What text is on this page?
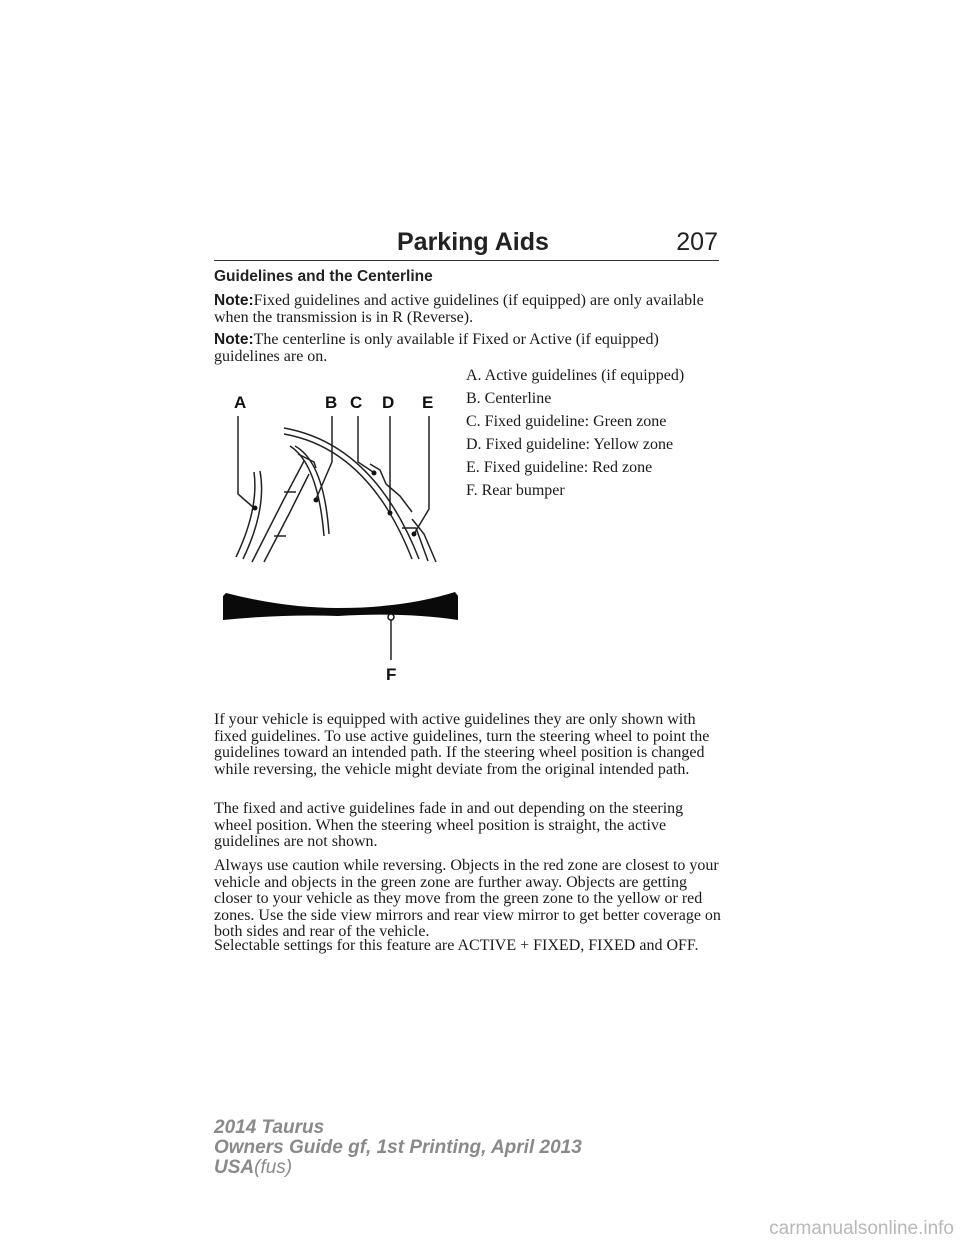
Parking Aids	207
Guidelines and the Centerline
Note:Fixed guidelines and active guidelines (if equipped) are only available when the transmission is in R (Reverse).
Note:The centerline is only available if Fixed or Active (if equipped) guidelines are on.
A. Active guidelines (if equipped)
B. Centerline
C. Fixed guideline: Green zone
D. Fixed guideline: Yellow zone
E. Fixed guideline: Red zone
F. Rear bumper
A	B C D E
F

If your vehicle is equipped with active guidelines they are only shown with fixed guidelines. To use active guidelines, turn the steering wheel to point the guidelines toward an intended path. If the steering wheel position is changed while reversing, the vehicle might deviate from the original intended path.

The fixed and active guidelines fade in and out depending on the steering wheel position. When the steering wheel position is straight, the active guidelines are not shown.

Always use caution while reversing. Objects in the red zone are closest to your vehicle and objects in the green zone are further away. Objects are getting closer to your vehicle as they move from the green zone to the yellow or red zones. Use the side view mirrors and rear view mirror to get better coverage on both sides and rear of the vehicle.

Selectable settings for this feature are ACTIVE + FIXED, FIXED and OFF.

2014 Taurus
Owners Guide gf, 1st Printing, April 2013
USA(fus)
carmanualsonline.info
